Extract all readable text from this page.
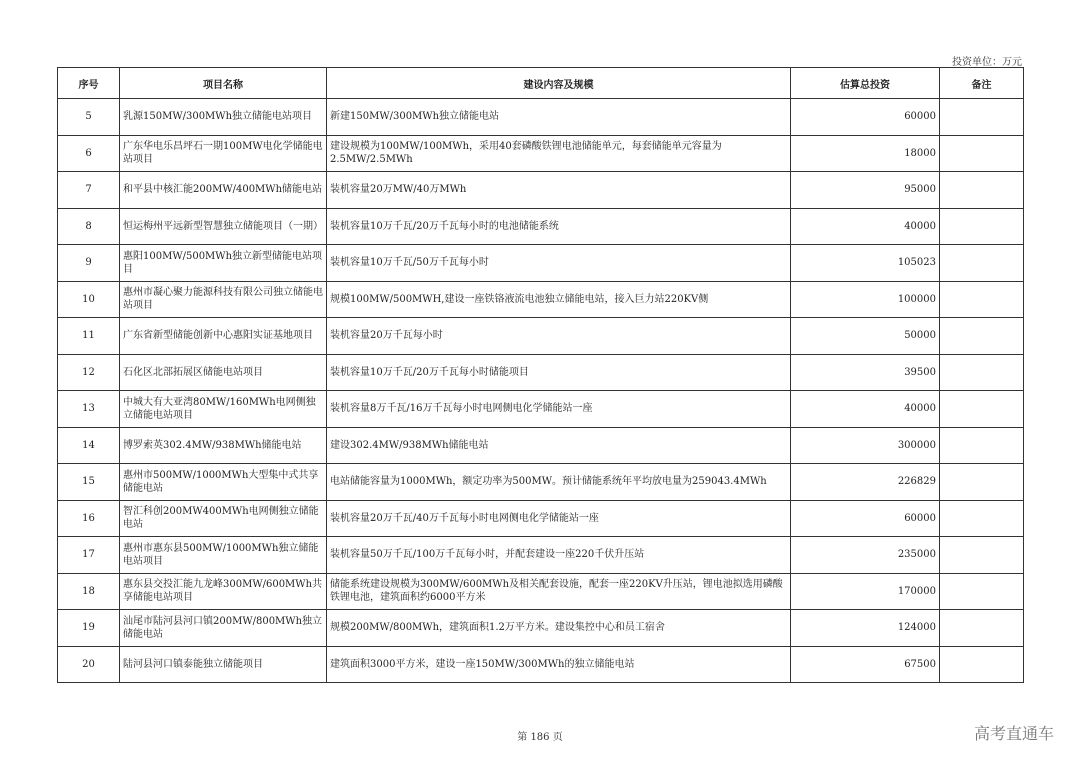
投资单位：万元
序号	项目名称	建设内容及规模	估算总投资	备注
5	乳源150MW/300MWh独立储能电站项目	新建150MW/300MWh独立储能电站	60000	
6	广东华电乐昌坪石一期100MW电化学储能电站项目	建设规模为100MW/100MWh，采用40套磷酸铁锂电池储能单元，每套储能单元容量为2.5MW/2.5MWh	18000	
7	和平县中核汇能200MW/400MWh储能电站	装机容量20万MW/40万MWh	95000	
8	恒运梅州平远新型智慧独立储能项目（一期）	装机容量10万千瓦/20万千瓦每小时的电池储能系统	40000	
9	惠阳100MW/500MWh独立新型储能电站项目	装机容量10万千瓦/50万千瓦每小时	105023	
10	惠州市凝心聚力能源科技有限公司独立储能电站项目	规模100MW/500MWH,建设一座铁铬液流电池独立储能电站，接入巨力站220KV侧	100000	
11	广东省新型储能创新中心惠阳实证基地项目	装机容量20万千瓦每小时	50000	
12	石化区北部拓展区储能电站项目	装机容量10万千瓦/20万千瓦每小时储能项目	39500	
13	中城大有大亚湾80MW/160MWh电网侧独立储能电站项目	装机容量8万千瓦/16万千瓦每小时电网侧电化学储能站一座	40000	
14	博罗索英302.4MW/938MWh储能电站	建设302.4MW/938MWh储能电站	300000	
15	惠州市500MW/1000MWh大型集中式共享储能电站	电站储能容量为1000MWh，额定功率为500MW。预计储能系统年平均放电量为259043.4MWh	226829	
16	智汇科创200MW400MWh电网侧独立储能电站	装机容量20万千瓦/40万千瓦每小时电网侧电化学储能站一座	60000	
17	惠州市惠东县500MW/1000MWh独立储能电站项目	装机容量50万千瓦/100万千瓦每小时，并配套建设一座220千伏升压站	235000	
18	惠东县交投汇能九龙峰300MW/600MWh共享储能电站项目	储能系统建设规模为300MW/600MWh及相关配套设施，配套一座220KV升压站，锂电池拟选用磷酸铁锂电池，建筑面积约6000平方米	170000	
19	汕尾市陆河县河口镇200MW/800MWh独立储能电站	规模200MW/800MWh，建筑面积1.2万平方米。建设集控中心和员工宿舍	124000	
20	陆河县河口镇泰能独立储能项目	建筑面积3000平方米，建设一座150MW/300MWh的独立储能电站	67500	
第 186 页	高考直通车
